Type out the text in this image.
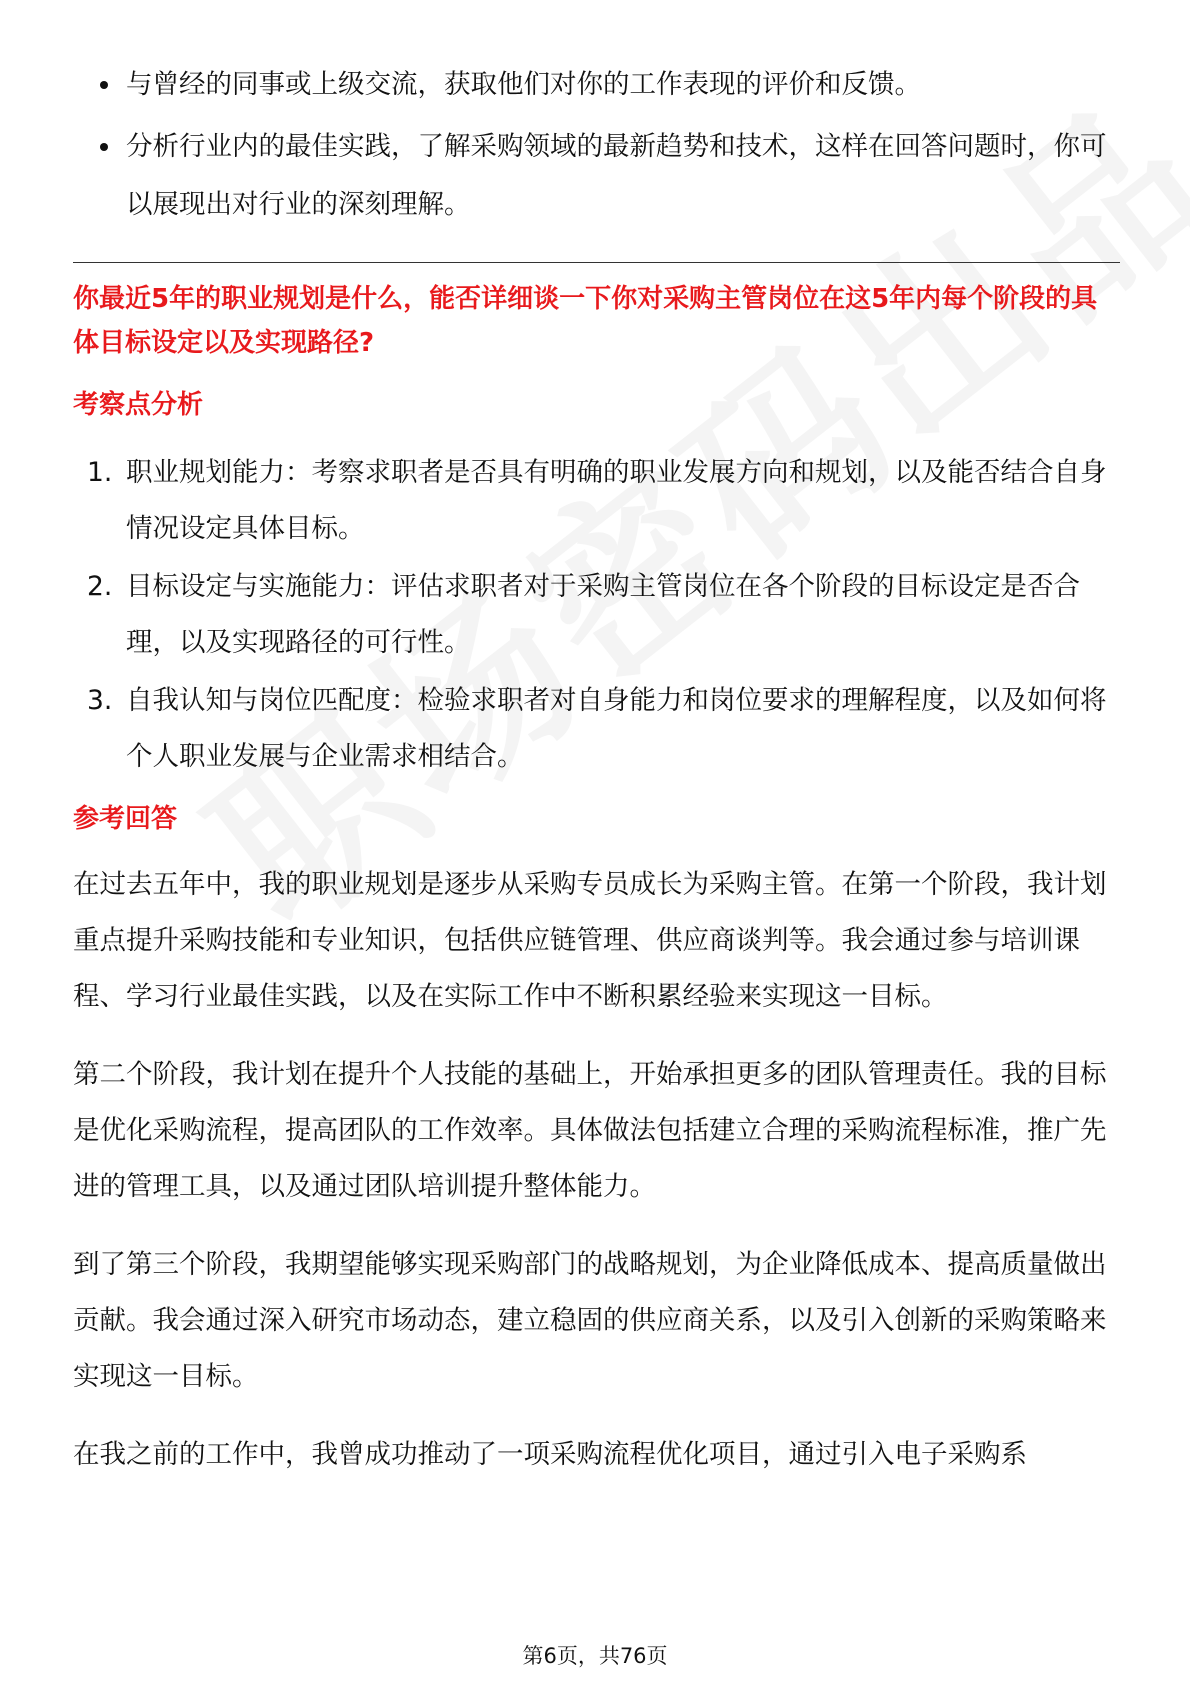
与曾经的同事或上级交流，获取他们对你的工作表现的评价和反馈。
分析行业内的最佳实践，了解采购领域的最新趋势和技术，这样在回答问题时，你可以展现出对行业的深刻理解。
你最近5年的职业规划是什么，能否详细谈一下你对采购主管岗位在这5年内每个阶段的具体目标设定以及实现路径?
考察点分析
1. 职业规划能力：考察求职者是否具有明确的职业发展方向和规划，以及能否结合自身情况设定具体目标。
2. 目标设定与实施能力：评估求职者对于采购主管岗位在各个阶段的目标设定是否合理，以及实现路径的可行性。
3. 自我认知与岗位匹配度：检验求职者对自身能力和岗位要求的理解程度，以及如何将个人职业发展与企业需求相结合。
参考回答

在过去五年中，我的职业规划是逐步从采购专员成长为采购主管。在第一个阶段，我计划重点提升采购技能和专业知识，包括供应链管理、供应商谈判等。我会通过参与培训课程、学习行业最佳实践，以及在实际工作中不断积累经验来实现这一目标。

第二个阶段，我计划在提升个人技能的基础上，开始承担更多的团队管理责任。我的目标是优化采购流程，提高团队的工作效率。具体做法包括建立合理的采购流程标准，推广先进的管理工具，以及通过团队培训提升整体能力。

到了第三个阶段，我期望能够实现采购部门的战略规划，为企业降低成本、提高质量做出贡献。我会通过深入研究市场动态，建立稳固的供应商关系，以及引入创新的采购策略来实现这一目标。

在我之前的工作中，我曾成功推动了一项采购流程优化项目，通过引入电子采购系

第6页，共76页
